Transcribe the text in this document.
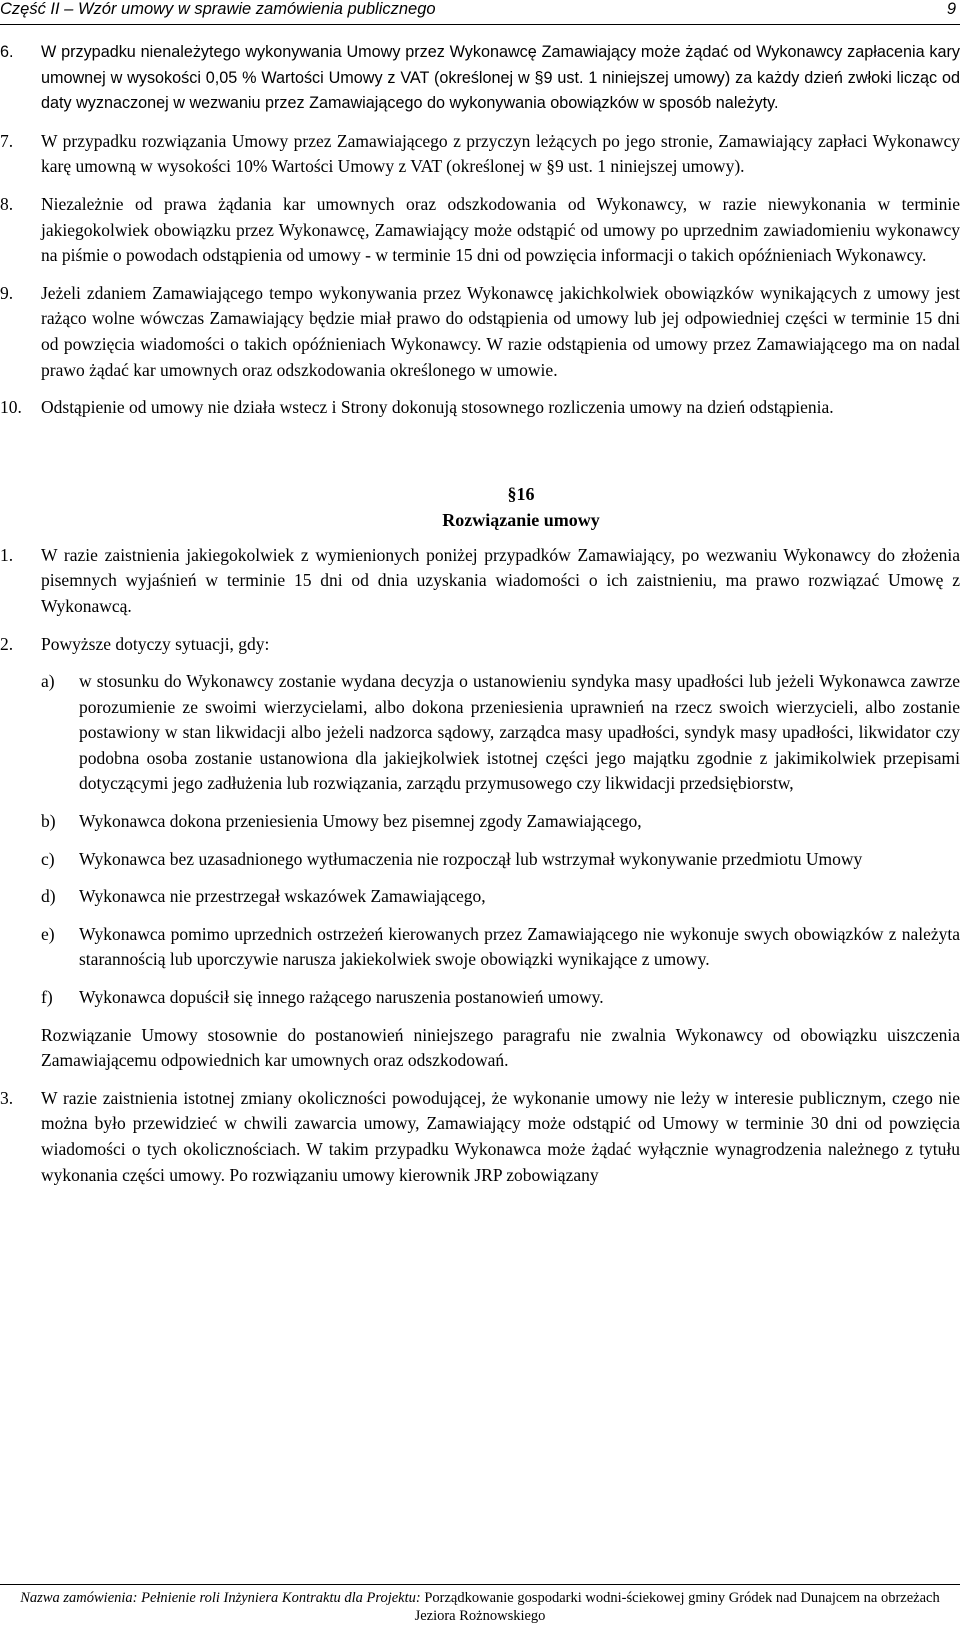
Część II – Wzór umowy w sprawie zamówienia publicznego	9
6. W przypadku nienależytego wykonywania Umowy przez Wykonawcę Zamawiający może żądać od Wykonawcy zapłacenia kary umownej w wysokości 0,05 % Wartości Umowy z VAT (określonej w §9 ust. 1 niniejszej umowy) za każdy dzień zwłoki licząc od daty wyznaczonej w wezwaniu przez Zamawiającego do wykonywania obowiązków w sposób należyty.
7. W przypadku rozwiązania Umowy przez Zamawiającego z przyczyn leżących po jego stronie, Zamawiający zapłaci Wykonawcy karę umowną w wysokości 10% Wartości Umowy z VAT (określonej w §9 ust. 1 niniejszej umowy).
8. Niezależnie od prawa żądania kar umownych oraz odszkodowania od Wykonawcy, w razie niewykonania w terminie jakiegokolwiek obowiązku przez Wykonawcę, Zamawiający może odstąpić od umowy po uprzednim zawiadomieniu wykonawcy na piśmie o powodach odstąpienia od umowy - w terminie 15 dni od powzięcia informacji o takich opóźnieniach Wykonawcy.
9. Jeżeli zdaniem Zamawiającego tempo wykonywania przez Wykonawcę jakichkolwiek obowiązków wynikających z umowy jest rażąco wolne wówczas Zamawiający będzie miał prawo do odstąpienia od umowy lub jej odpowiedniej części w terminie 15 dni od powzięcia wiadomości o takich opóźnieniach Wykonawcy. W razie odstąpienia od umowy przez Zamawiającego ma on nadal prawo żądać kar umownych oraz odszkodowania określonego w umowie.
10. Odstąpienie od umowy nie działa wstecz i Strony dokonują stosownego rozliczenia umowy na dzień odstąpienia.
§16
Rozwiązanie umowy
1. W razie zaistnienia jakiegokolwiek z wymienionych poniżej przypadków Zamawiający, po wezwaniu Wykonawcy do złożenia pisemnych wyjaśnień w terminie 15 dni od dnia uzyskania wiadomości o ich zaistnieniu, ma prawo rozwiązać Umowę z Wykonawcą.
2. Powyższe dotyczy sytuacji, gdy:
a) w stosunku do Wykonawcy zostanie wydana decyzja o ustanowieniu syndyka masy upadłości lub jeżeli Wykonawca zawrze porozumienie ze swoimi wierzycielami, albo dokona przeniesienia uprawnień na rzecz swoich wierzycieli, albo zostanie postawiony w stan likwidacji albo jeżeli nadzorca sądowy, zarządca masy upadłości, syndyk masy upadłości, likwidator czy podobna osoba zostanie ustanowiona dla jakiejkolwiek istotnej części jego majątku zgodnie z jakimikolwiek przepisami dotyczącymi jego zadłużenia lub rozwiązania, zarządu przymusowego czy likwidacji przedsiębiorstw,
b) Wykonawca dokona przeniesienia Umowy bez pisemnej zgody Zamawiającego,
c) Wykonawca bez uzasadnionego wytłumaczenia nie rozpoczął lub wstrzymał wykonywanie przedmiotu Umowy
d) Wykonawca nie przestrzegał wskazówek Zamawiającego,
e) Wykonawca pomimo uprzednich ostrzeżeń kierowanych przez Zamawiającego nie wykonuje swych obowiązków z należyta starannością lub uporczywie narusza jakiekolwiek swoje obowiązki wynikające z umowy.
f) Wykonawca dopuścił się innego rażącego naruszenia postanowień umowy.
Rozwiązanie Umowy stosownie do postanowień niniejszego paragrafu nie zwalnia Wykonawcy od obowiązku uiszczenia Zamawiającemu odpowiednich kar umownych oraz odszkodowań.
3. W razie zaistnienia istotnej zmiany okoliczności powodującej, że wykonanie umowy nie leży w interesie publicznym, czego nie można było przewidzieć w chwili zawarcia umowy, Zamawiający może odstąpić od Umowy w terminie 30 dni od powzięcia wiadomości o tych okolicznościach. W takim przypadku Wykonawca może żądać wyłącznie wynagrodzenia należnego z tytułu wykonania części umowy. Po rozwiązaniu umowy kierownik JRP zobowiązany
Nazwa zamówienia: Pełnienie roli Inżyniera Kontraktu dla Projektu: Porządkowanie gospodarki wodni-ściekowej gminy Gródek nad Dunajcem na obrzeżach Jeziora Rożnowskiego
